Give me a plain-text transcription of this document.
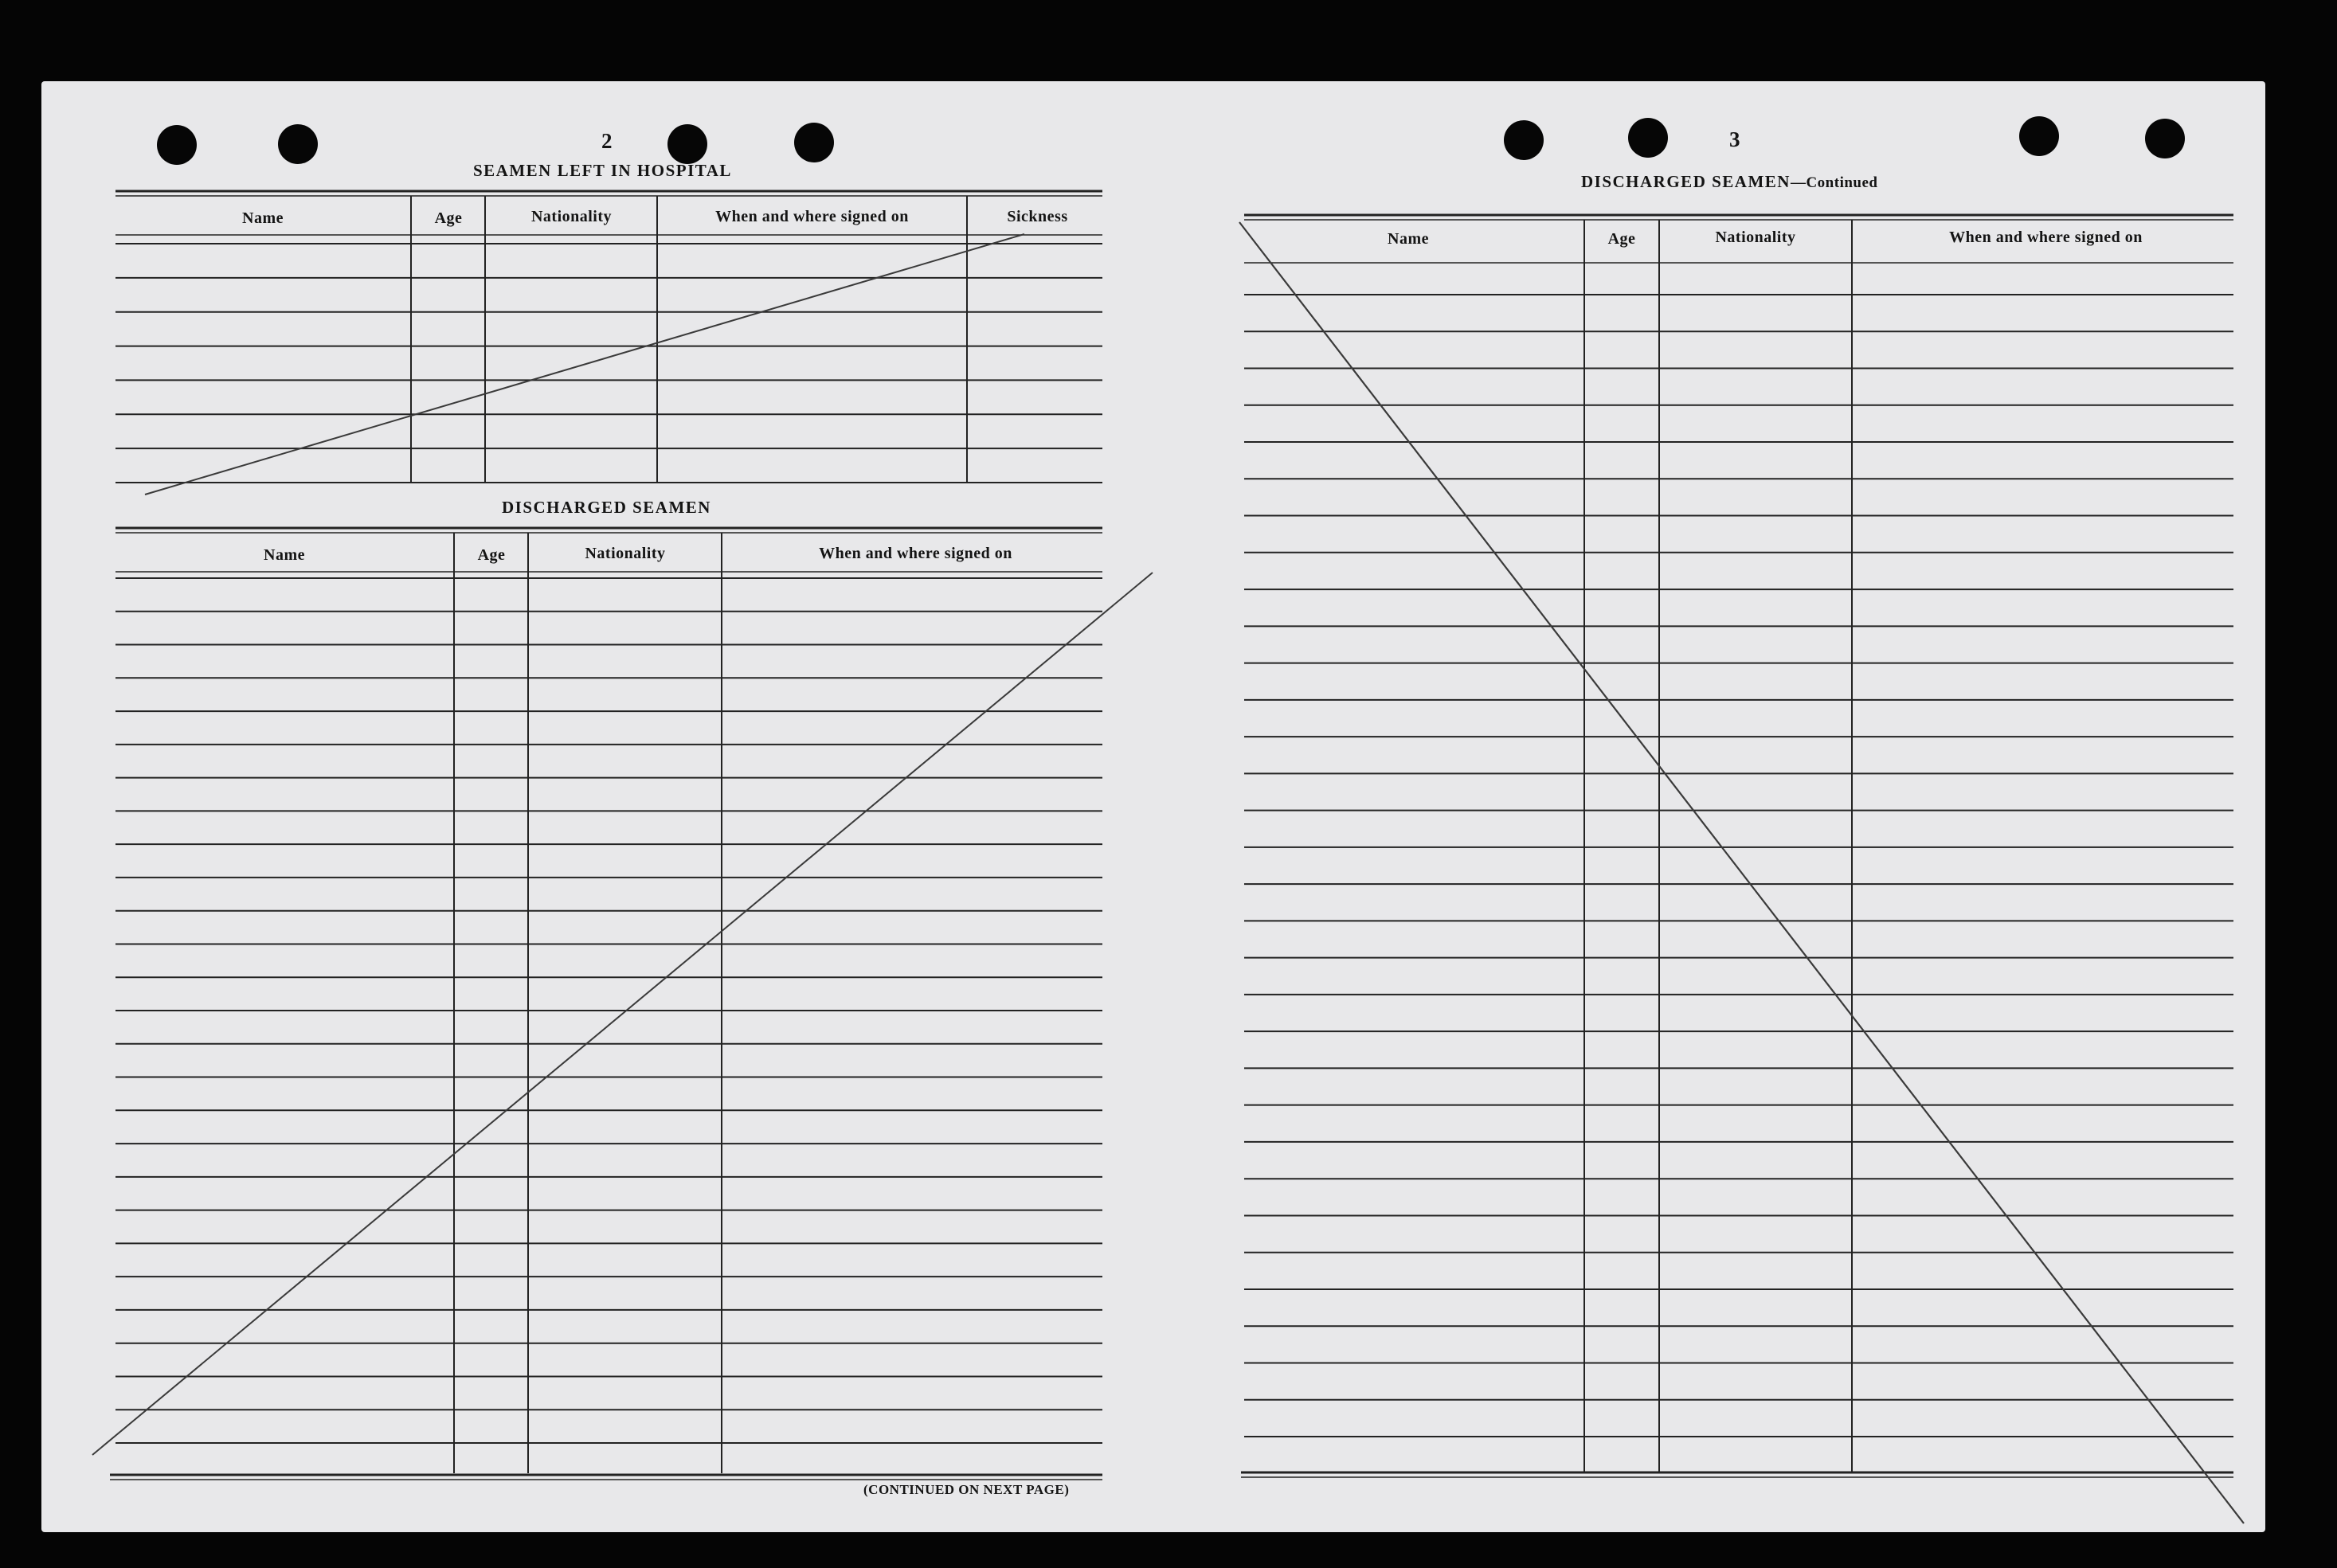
2

SEAMEN LEFT IN HOSPITAL

Name	Age	Nationality	When and where signed on	Sickness

DISCHARGED SEAMEN

Name	Age	Nationality	When and where signed on

(CONTINUED ON NEXT PAGE)

3

DISCHARGED SEAMEN—Continued

Name	Age	Nationality	When and where signed on
